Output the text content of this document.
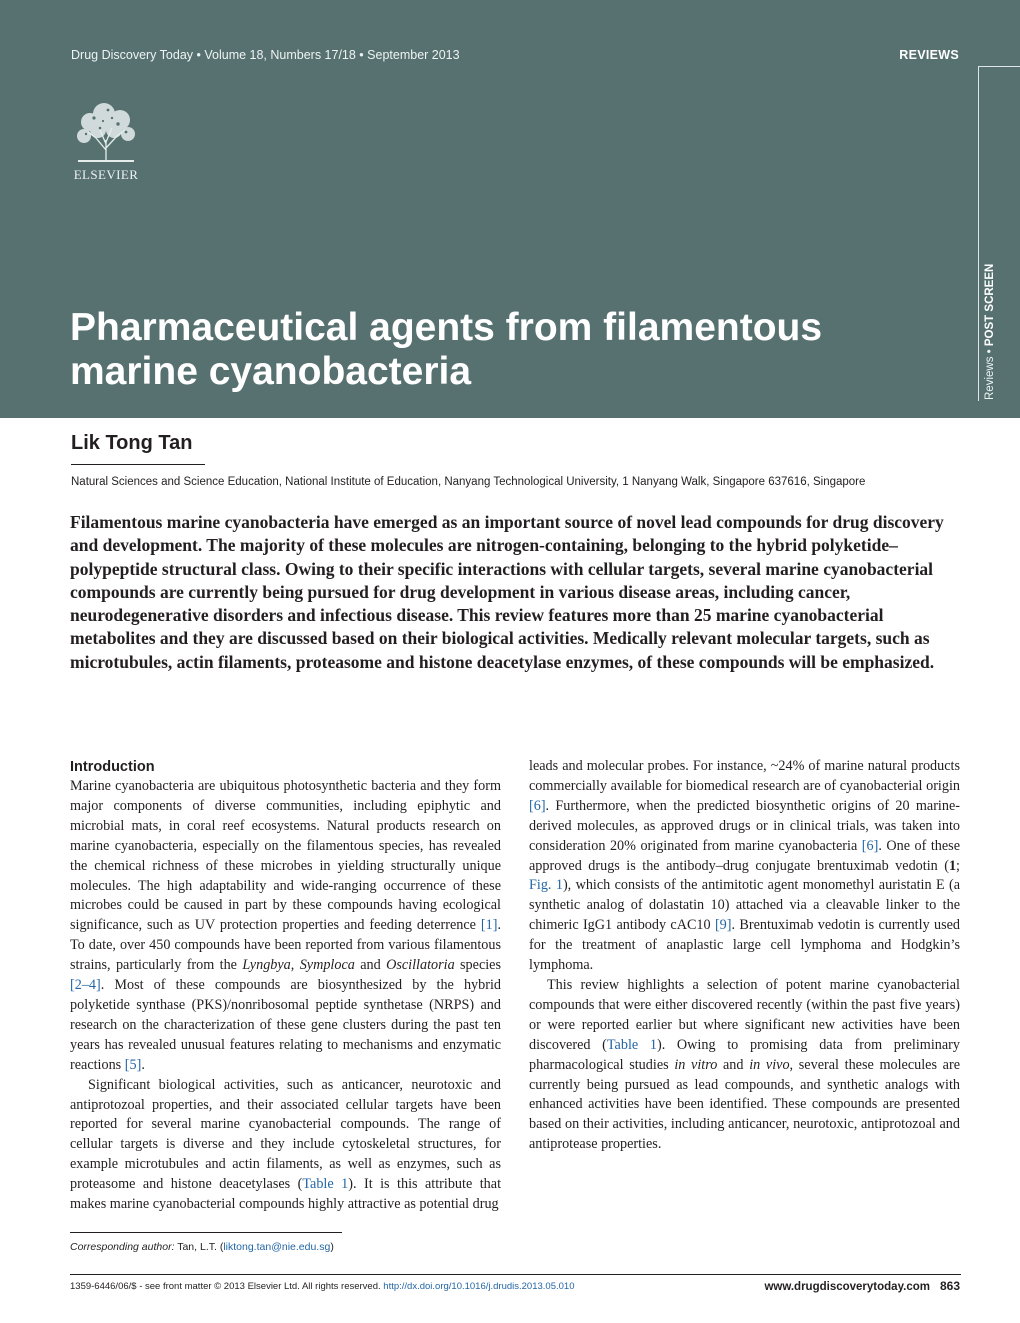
Drug Discovery Today • Volume 18, Numbers 17/18 • September 2013	REVIEWS
ELSEVIER
Reviews • POST SCREEN
Pharmaceutical agents from filamentous
marine cyanobacteria
Lik Tong Tan
Natural Sciences and Science Education, National Institute of Education, Nanyang Technological University, 1 Nanyang Walk, Singapore 637616, Singapore

Filamentous marine cyanobacteria have emerged as an important source of novel lead compounds for drug discovery and development. The majority of these molecules are nitrogen-containing, belonging to the hybrid polyketide–polypeptide structural class. Owing to their specific interactions with cellular targets, several marine cyanobacterial compounds are currently being pursued for drug development in various disease areas, including cancer, neurodegenerative disorders and infectious disease. This review features more than 25 marine cyanobacterial metabolites and they are discussed based on their biological activities. Medically relevant molecular targets, such as microtubules, actin filaments, proteasome and histone deacetylase enzymes, of these compounds will be emphasized.

Introduction

Marine cyanobacteria are ubiquitous photosynthetic bacteria and they form major components of diverse communities, including epiphytic and microbial mats, in coral reef ecosystems. Natural products research on marine cyanobacteria, especially on the filamentous species, has revealed the chemical richness of these microbes in yielding structurally unique molecules. The high adaptability and wide-ranging occurrence of these microbes could be caused in part by these compounds having ecological significance, such as UV protection properties and feeding deterrence [1]. To date, over 450 compounds have been reported from various filamentous strains, particularly from the Lyngbya, Symploca and Oscillatoria species [2–4]. Most of these compounds are biosynthesized by the hybrid polyketide synthase (PKS)/nonribosomal peptide synthetase (NRPS) and research on the characterization of these gene clusters during the past ten years has revealed unusual features relating to mechanisms and enzymatic reactions [5].

Significant biological activities, such as anticancer, neurotoxic and antiprotozoal properties, and their associated cellular targets have been reported for several marine cyanobacterial compounds. The range of cellular targets is diverse and they include cytoskeletal structures, for example microtubules and actin filaments, as well as enzymes, such as proteasome and histone deacetylases (Table 1). It is this attribute that makes marine cyanobacterial compounds highly attractive as potential drug

leads and molecular probes. For instance, ~24% of marine natural products commercially available for biomedical research are of cyanobacterial origin [6]. Furthermore, when the predicted biosynthetic origins of 20 marine-derived molecules, as approved drugs or in clinical trials, was taken into consideration 20% originated from marine cyanobacteria [6]. One of these approved drugs is the antibody–drug conjugate brentuximab vedotin (1; Fig. 1), which consists of the antimitotic agent monomethyl auristatin E (a synthetic analog of dolastatin 10) attached via a cleavable linker to the chimeric IgG1 antibody cAC10 [9]. Brentuximab vedotin is currently used for the treatment of anaplastic large cell lymphoma and Hodgkin’s lymphoma.

This review highlights a selection of potent marine cyanobacterial compounds that were either discovered recently (within the past five years) or were reported earlier but where significant new activities have been discovered (Table 1). Owing to promising data from preliminary pharmacological studies in vitro and in vivo, several these molecules are currently being pursued as lead compounds, and synthetic analogs with enhanced activities have been identified. These compounds are presented based on their activities, including anticancer, neurotoxic, antiprotozoal and antiprotease properties.

Corresponding author: Tan, L.T. (liktong.tan@nie.edu.sg)
1359-6446/06/$ - see front matter © 2013 Elsevier Ltd. All rights reserved. http://dx.doi.org/10.1016/j.drudis.2013.05.010	www.drugdiscoverytoday.com 863
